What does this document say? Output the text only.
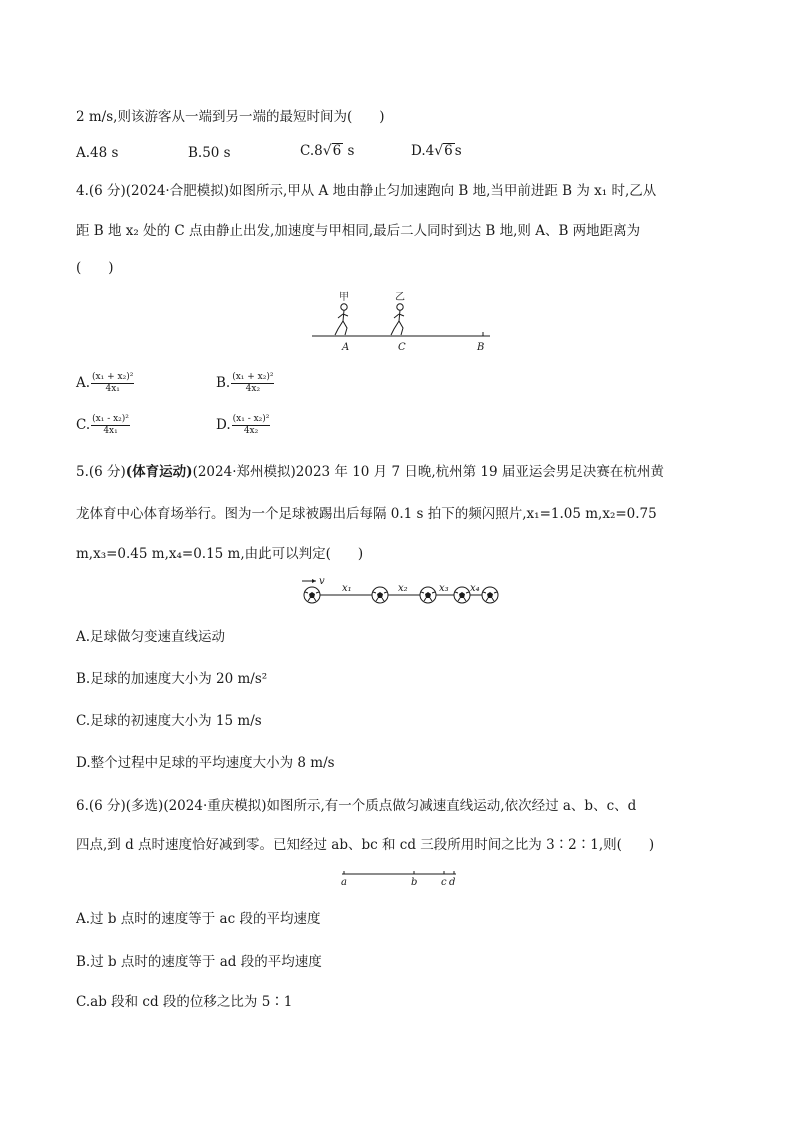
2 m/s,则该游客从一端到另一端的最短时间为(　　)
A.48 s	B.50 s	C.8√6 s	D.4√6 s
4.(6 分)(2024·合肥模拟)如图所示,甲从 A 地由静止匀加速跑向 B 地,当甲前进距 B 为 x₁ 时,乙从
距 B 地 x₂ 处的 C 点由静止出发,加速度与甲相同,最后二人同时到达 B 地,则 A、B 两地距离为
(　　)
甲	乙
A	C	B
A. $\frac{\text{(x₁ + x₂)²}}{\text{4x₁}}$	B. $\frac{\text{(x₁ + x₂)²}}{\text{4x₂}}$
C. $\frac{\text{(x₁ - x₂)²}}{\text{4x₁}}$	D. $\frac{\text{(x₁ - x₂)²}}{\text{4x₂}}$
5.(6 分)(体育运动)(2024·郑州模拟)2023 年 10 月 7 日晚,杭州第 19 届亚运会男足决赛在杭州黄
龙体育中心体育场举行。图为一个足球被踢出后每隔 0.1 s 拍下的频闪照片,x₁=1.05 m,x₂=0.75
m,x₃=0.45 m,x₄=0.15 m,由此可以判定(　　)
v
x₁	x₂	x₃ x₄
A.足球做匀变速直线运动
B.足球的加速度大小为 20 m/s²
C.足球的初速度大小为 15 m/s
D.整个过程中足球的平均速度大小为 8 m/s
6.(6 分)(多选)(2024·重庆模拟)如图所示,有一个质点做匀减速直线运动,依次经过 a、b、c、d
四点,到 d 点时速度恰好减到零。已知经过 ab、bc 和 cd 三段所用时间之比为 3∶2∶1,则(　　)
a	b c d
A.过 b 点时的速度等于 ac 段的平均速度
B.过 b 点时的速度等于 ad 段的平均速度
C.ab 段和 cd 段的位移之比为 5∶1
